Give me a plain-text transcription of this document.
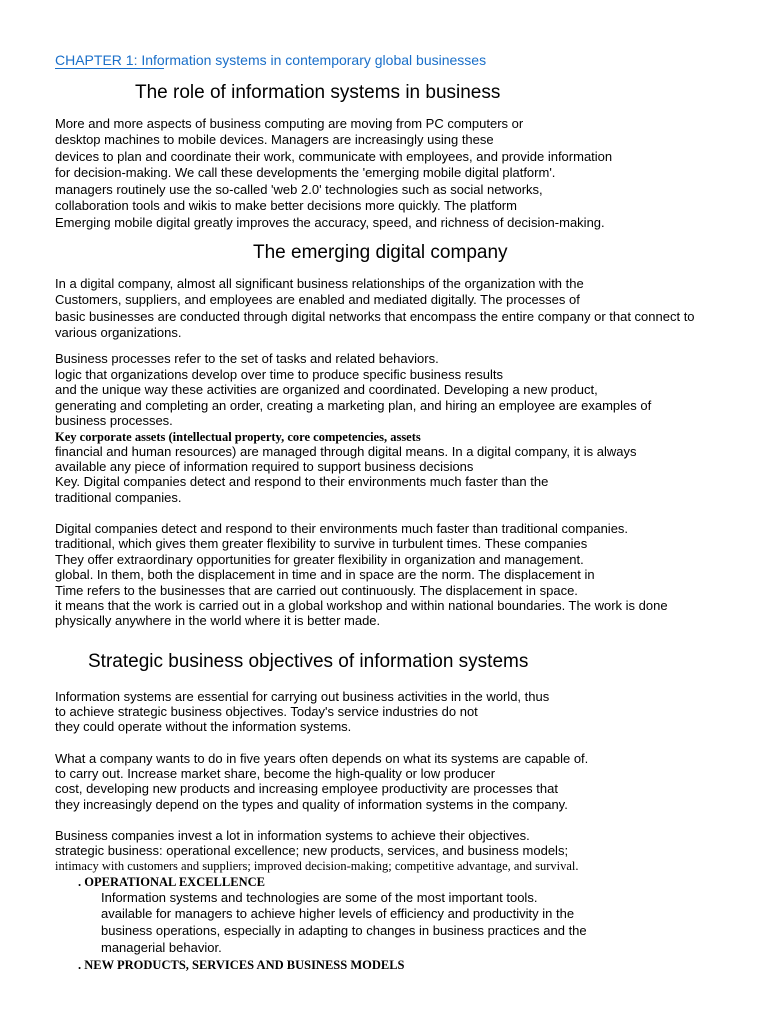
CHAPTER 1: Information systems in contemporary global businesses
The role of information systems in business
More and more aspects of business computing are moving from PC computers or
desktop machines to mobile devices. Managers are increasingly using these
devices to plan and coordinate their work, communicate with employees, and provide information
for decision-making. We call these developments the 'emerging mobile digital platform'.
managers routinely use the so-called 'web 2.0' technologies such as social networks,
collaboration tools and wikis to make better decisions more quickly. The platform
Emerging mobile digital greatly improves the accuracy, speed, and richness of decision-making.
The emerging digital company
In a digital company, almost all significant business relationships of the organization with the
Customers, suppliers, and employees are enabled and mediated digitally. The processes of
basic businesses are conducted through digital networks that encompass the entire company or that connect to
various organizations.
Business processes refer to the set of tasks and related behaviors.
logic that organizations develop over time to produce specific business results
and the unique way these activities are organized and coordinated. Developing a new product,
generating and completing an order, creating a marketing plan, and hiring an employee are examples of
business processes.
Key corporate assets (intellectual property, core competencies, assets
financial and human resources) are managed through digital means. In a digital company, it is always
available any piece of information required to support business decisions
Key. Digital companies detect and respond to their environments much faster than the
traditional companies.
Digital companies detect and respond to their environments much faster than traditional companies.
traditional, which gives them greater flexibility to survive in turbulent times. These companies
They offer extraordinary opportunities for greater flexibility in organization and management.
global. In them, both the displacement in time and in space are the norm. The displacement in
Time refers to the businesses that are carried out continuously. The displacement in space.
it means that the work is carried out in a global workshop and within national boundaries. The work is done
physically anywhere in the world where it is better made.
Strategic business objectives of information systems
Information systems are essential for carrying out business activities in the world, thus
to achieve strategic business objectives. Today's service industries do not
they could operate without the information systems.
What a company wants to do in five years often depends on what its systems are capable of.
to carry out. Increase market share, become the high-quality or low producer
cost, developing new products and increasing employee productivity are processes that
they increasingly depend on the types and quality of information systems in the company.
Business companies invest a lot in information systems to achieve their objectives.
strategic business: operational excellence; new products, services, and business models;
intimacy with customers and suppliers; improved decision-making; competitive advantage, and survival.
. OPERATIONAL EXCELLENCE
Information systems and technologies are some of the most important tools.
available for managers to achieve higher levels of efficiency and productivity in the
business operations, especially in adapting to changes in business practices and the
managerial behavior.
. NEW PRODUCTS, SERVICES AND BUSINESS MODELS
